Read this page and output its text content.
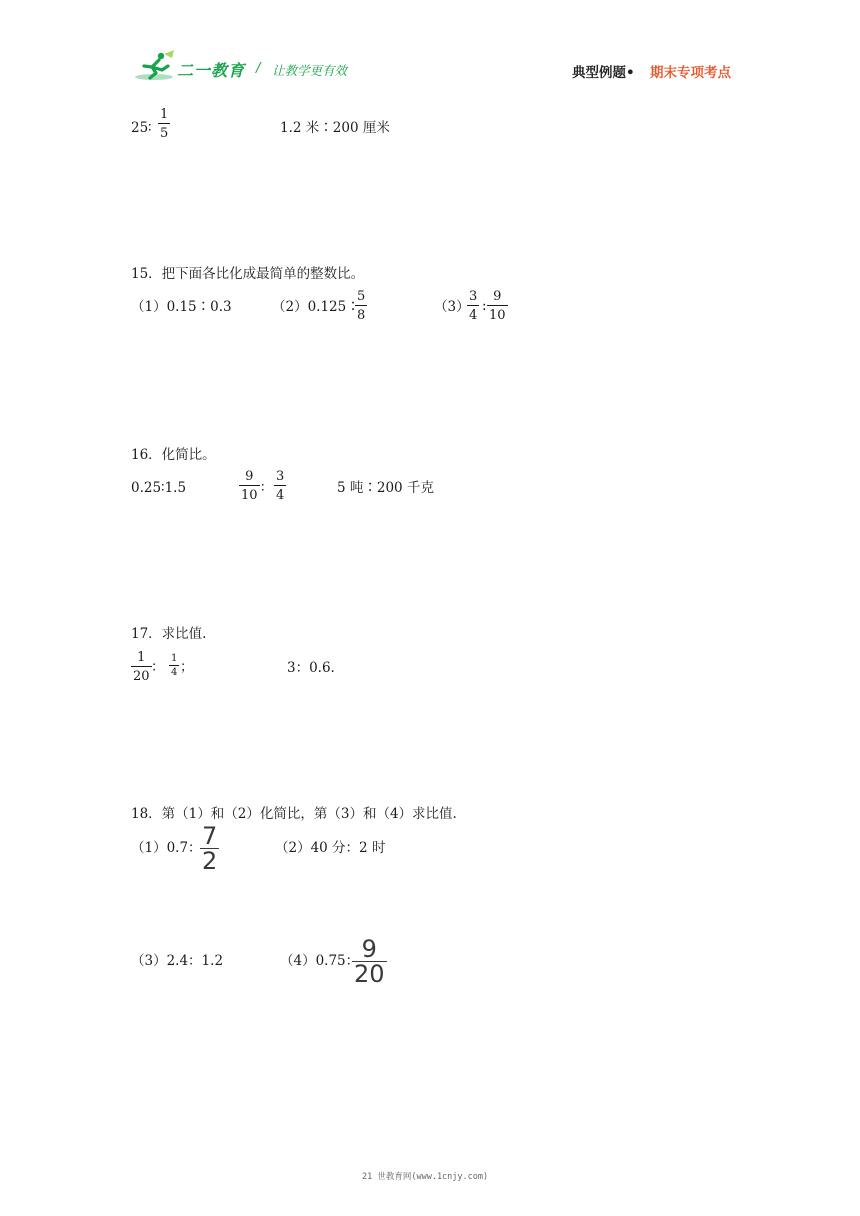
二一教育 / 让教学更有效	典型例题• 期末专项考点
25 ∶
1
5	1.2 米∶200 厘米
15．把下面各比化成最简单的整数比。
（1）0.15∶0.3	（2）0.125∶
5
8
（3）
3
4
:
9
10
16．化简比。
0.25∶1.5
9
10 ∶
3
4	5 吨∶200 千克
17．求比值.
1
20
：
1
4 ；	3：0.6.
18．第（1）和（2）化简比，第（3）和（4）求比值.
（1）0.7： 7
2	（2）40 分：2 时
（3）2.4：1.2	（4）0.75： 9
20
21 世教育网(www.1cnjy.com)
